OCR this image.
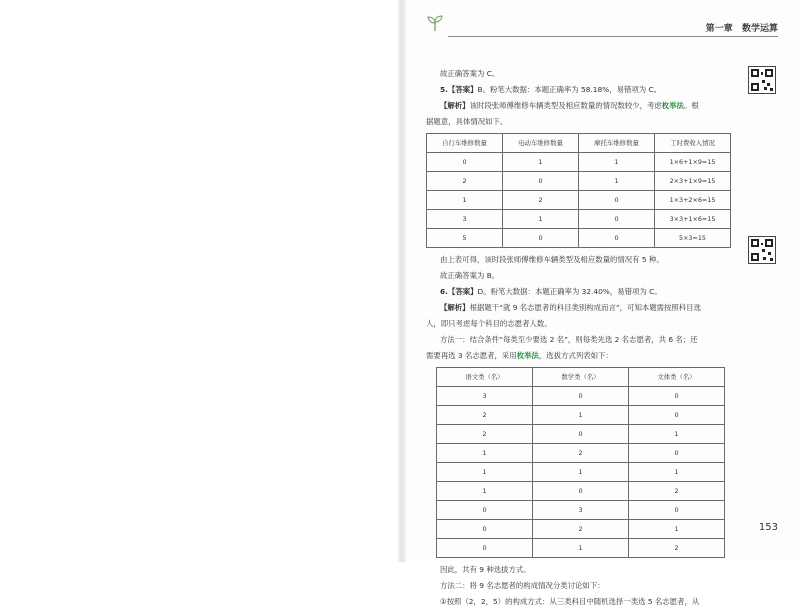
第一章 数学运算

故正确答案为 C。

5.【答案】B。粉笔大数据：本题正确率为 58.18%，易错项为 C。

【解析】该时段张师傅维修车辆类型及相应数量的情况数较少，考虑枚举法。根

据题意，具体情况如下。

自行车维修数量	电动车维修数量	摩托车维修数量	工时费收入情况
0	1	1	1×6+1×9=15
2	0	1	2×3+1×9=15
1	2	0	1×3+2×6=15
3	1	0	3×3+1×6=15
5	0	0	5×3=15

由上表可得，该时段张师傅维修车辆类型及相应数量的情况有 5 种。

故正确答案为 B。

6.【答案】D。粉笔大数据：本题正确率为 32.40%，易错项为 C。

【解析】根据题干“就 9 名志愿者的科目类别构成而言”，可知本题需按照科目选

人，即只考虑每个科目的志愿者人数。

方法一：结合条件“每类至少要选 2 名”，则每类先选 2 名志愿者，共 6 名；还

需要再选 3 名志愿者，采用枚举法，选拔方式列表如下：

语文类（名）	数学类（名）	文体类（名）
3	0	0
2	1	0
2	0	1
1	2	0
1	1	1
1	0	2
0	3	0
0	2	1
0	1	2

因此，共有 9 种选拔方式。

方法二：将 9 名志愿者的构成情况分类讨论如下：

①按照（2，2，5）的构成方式：从三类科目中随机选择一类选 5 名志愿者，从

153
